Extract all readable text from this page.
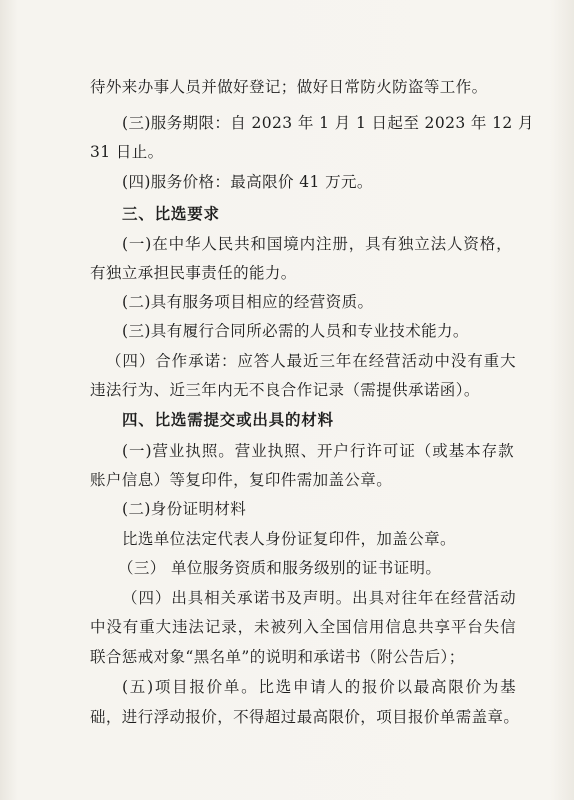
待外来办事人员并做好登记；做好日常防火防盗等工作。
(三)服务期限：自 2023 年 1 月 1 日起至 2023 年 12 月
31 日止。
(四)服务价格：最高限价 41 万元。
三、比选要求
(一)在中华人民共和国境内注册，具有独立法人资格，
有独立承担民事责任的能力。
(二)具有服务项目相应的经营资质。
(三)具有履行合同所必需的人员和专业技术能力。
（四）合作承诺：应答人最近三年在经营活动中没有重大
违法行为、近三年内无不良合作记录（需提供承诺函）。
四、比选需提交或出具的材料
(一)营业执照。营业执照、开户行许可证（或基本存款
账户信息）等复印件，复印件需加盖公章。
(二)身份证明材料
比选单位法定代表人身份证复印件，加盖公章。
（三） 单位服务资质和服务级别的证书证明。
（四）出具相关承诺书及声明。出具对往年在经营活动
中没有重大违法记录，未被列入全国信用信息共享平台失信
联合惩戒对象“黑名单”的说明和承诺书（附公告后）；
(五)项目报价单。比选申请人的报价以最高限价为基
础，进行浮动报价，不得超过最高限价，项目报价单需盖章。
